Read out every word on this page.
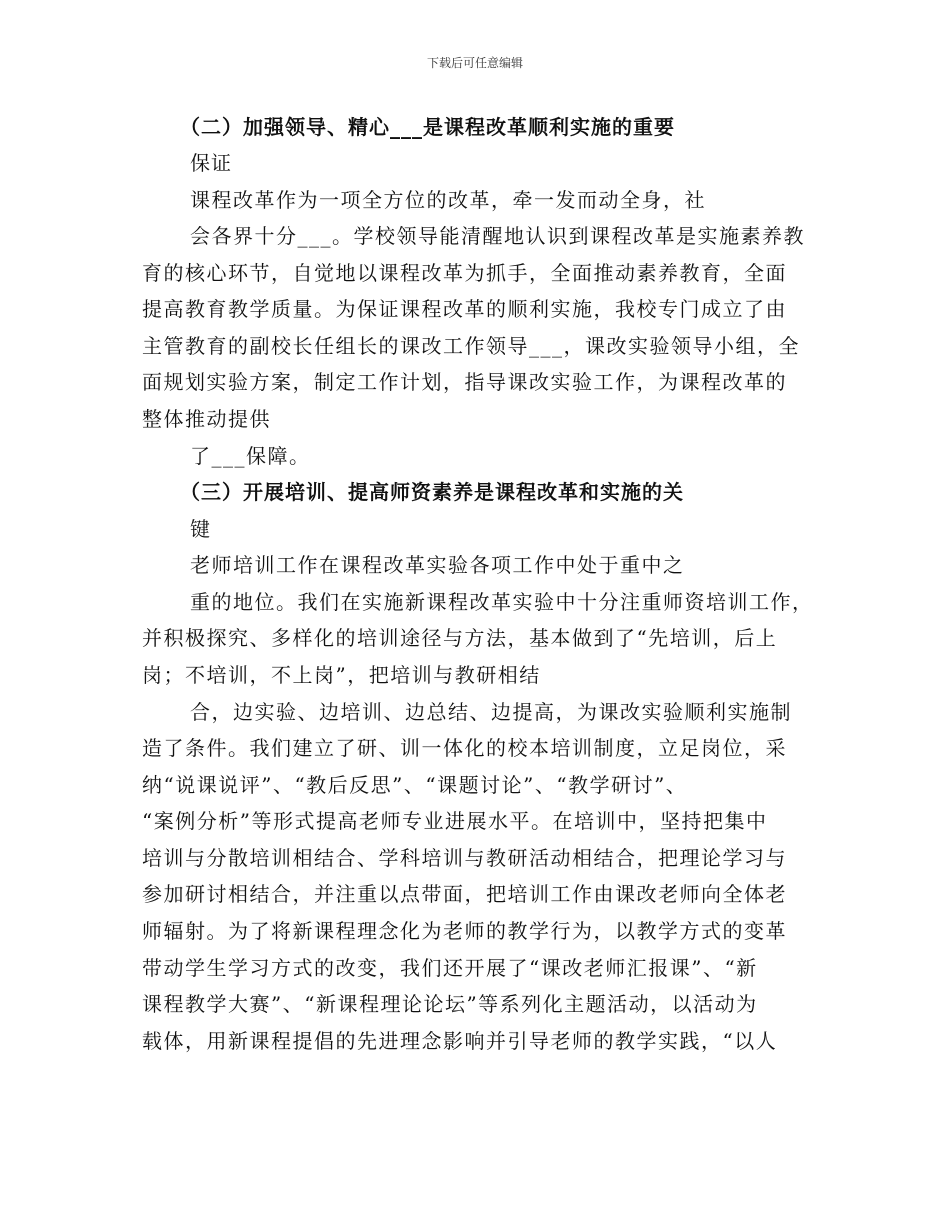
下载后可任意编辑
（二）加强领导、精心___是课程改革顺利实施的重要
保证
课程改革作为一项全方位的改革，牵一发而动全身，社
会各界十分___。学校领导能清醒地认识到课程改革是实施素养教
育的核心环节，自觉地以课程改革为抓手，全面推动素养教育，全面
提高教育教学质量。为保证课程改革的顺利实施，我校专门成立了由
主管教育的副校长任组长的课改工作领导___，课改实验领导小组，全
面规划实验方案，制定工作计划，指导课改实验工作，为课程改革的
整体推动提供
了___保障。
（三）开展培训、提高师资素养是课程改革和实施的关
键
老师培训工作在课程改革实验各项工作中处于重中之
重的地位。我们在实施新课程改革实验中十分注重师资培训工作，
并积极探究、多样化的培训途径与方法，基本做到了“先培训，后上
岗；不培训，不上岗”，把培训与教研相结
合，边实验、边培训、边总结、边提高，为课改实验顺利实施制
造了条件。我们建立了研、训一体化的校本培训制度，立足岗位，采
纳“说课说评”、“教后反思”、“课题讨论”、“教学研讨”、
“案例分析”等形式提高老师专业进展水平。在培训中，坚持把集中
培训与分散培训相结合、学科培训与教研活动相结合，把理论学习与
参加研讨相结合，并注重以点带面，把培训工作由课改老师向全体老
师辐射。为了将新课程理念化为老师的教学行为，以教学方式的变革
带动学生学习方式的改变，我们还开展了“课改老师汇报课”、“新
课程教学大赛”、“新课程理论论坛”等系列化主题活动，以活动为
载体，用新课程提倡的先进理念影响并引导老师的教学实践，“以人
